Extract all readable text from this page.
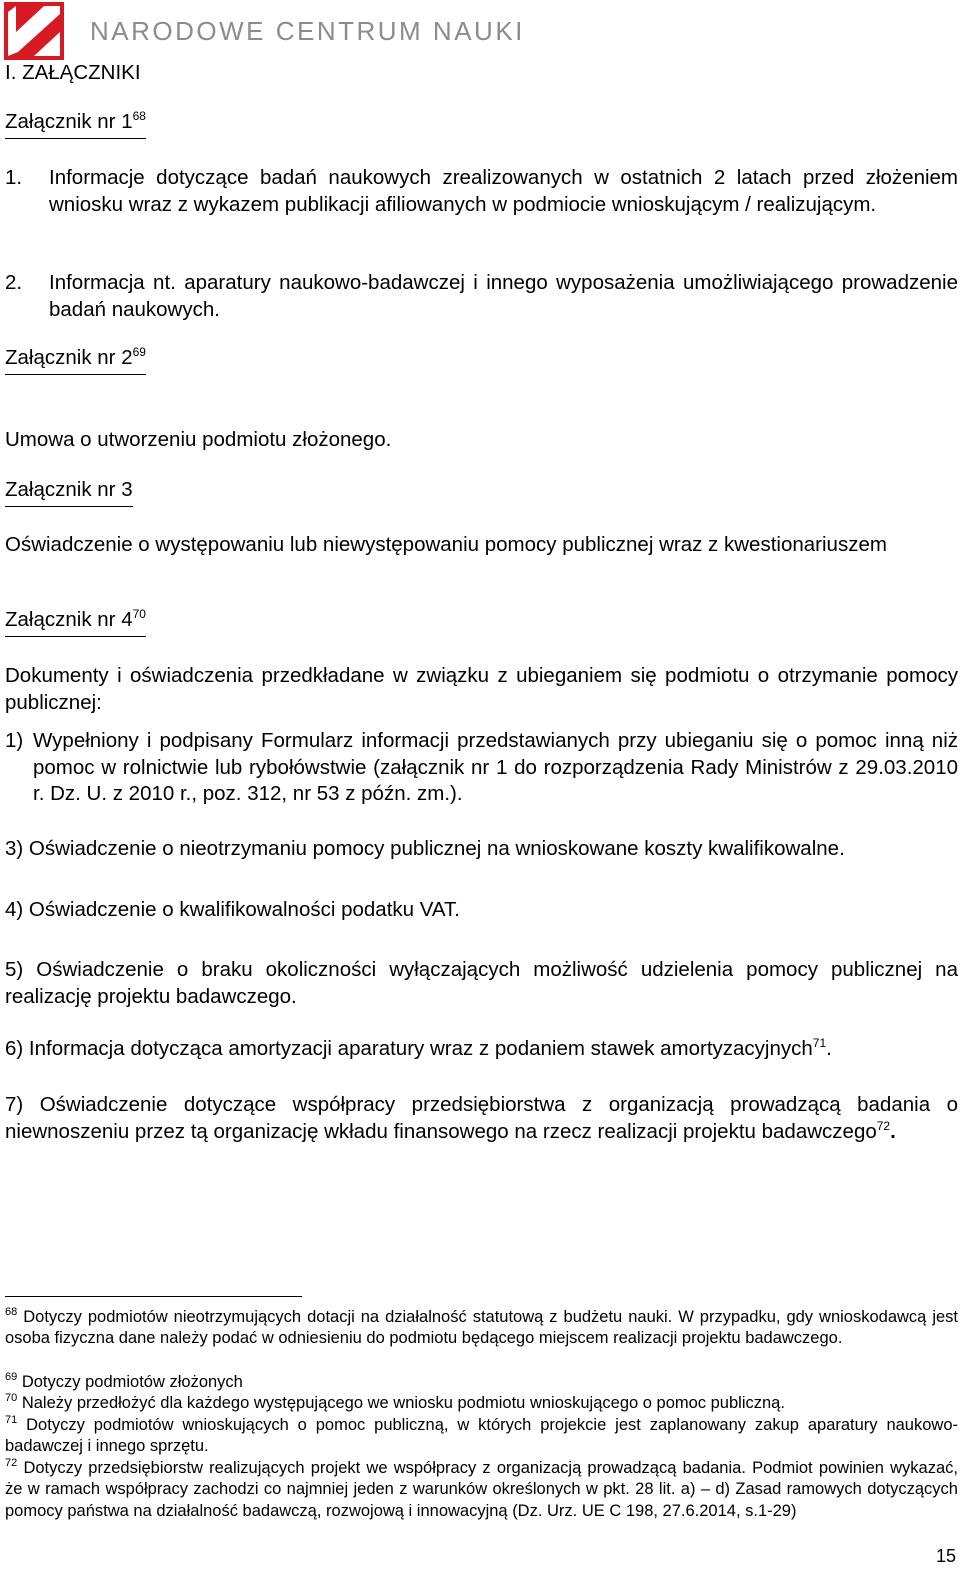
NARODOWE CENTRUM NAUKI
I. ZAŁĄCZNIKI
Załącznik nr $1^{68}$
1.	Informacje dotyczące badań naukowych zrealizowanych w ostatnich 2 latach przed złożeniem wniosku wraz z wykazem publikacji afiliowanych w podmiocie wnioskującym / realizującym.
2.	Informacja nt. aparatury naukowo-badawczej i innego wyposażenia umożliwiającego prowadzenie badań naukowych.
Załącznik nr $2^{69}$
Umowa o utworzeniu podmiotu złożonego.
Załącznik nr 3
Oświadczenie o występowaniu lub niewystępowaniu pomocy publicznej wraz z kwestionariuszem
Załącznik nr $4^{70}$
Dokumenty i oświadczenia przedkładane w związku z ubieganiem się podmiotu o otrzymanie pomocy publicznej:
1) Wypełniony i podpisany Formularz informacji przedstawianych przy ubieganiu się o pomoc inną niż pomoc w rolnictwie lub rybołówstwie (załącznik nr 1 do rozporządzenia Rady Ministrów z 29.03.2010 r. Dz. U. z 2010 r., poz. 312, nr 53 z późn. zm.).
3) Oświadczenie o nieotrzymaniu pomocy publicznej na wnioskowane koszty kwalifikowalne.
4) Oświadczenie o kwalifikowalności podatku VAT.
5) Oświadczenie o braku okoliczności wyłączających możliwość udzielenia pomocy publicznej na realizację projektu badawczego.
6) Informacja dotycząca amortyzacji aparatury wraz z podaniem stawek amortyzacyjnych$^{71}$.
7) Oświadczenie dotyczące współpracy przedsiębiorstwa z organizacją prowadzącą badania o niewnoszeniu przez tą organizację wkładu finansowego na rzecz realizacji projektu badawczego$^{72}$.
$^{68}$ Dotyczy podmiotów nieotrzymujących dotacji na działalność statutową z budżetu nauki. W przypadku, gdy wnioskodawcą jest osoba fizyczna dane należy podać w odniesieniu do podmiotu będącego miejscem realizacji projektu badawczego.
$^{69}$ Dotyczy podmiotów złożonych
$^{70}$ Należy przedłożyć dla każdego występującego we wniosku podmiotu wnioskującego o pomoc publiczną.
$^{71}$ Dotyczy podmiotów wnioskujących o pomoc publiczną, w których projekcie jest zaplanowany zakup aparatury naukowo-badawczej i innego sprzętu.
$^{72}$ Dotyczy przedsiębiorstw realizujących projekt we współpracy z organizacją prowadzącą badania. Podmiot powinien wykazać, że w ramach współpracy zachodzi co najmniej jeden z warunków określonych w pkt. 28 lit. a) – d) Zasad ramowych dotyczących pomocy państwa na działalność badawczą, rozwojową i innowacyjną (Dz. Urz. UE C 198, 27.6.2014, s.1-29)
15
